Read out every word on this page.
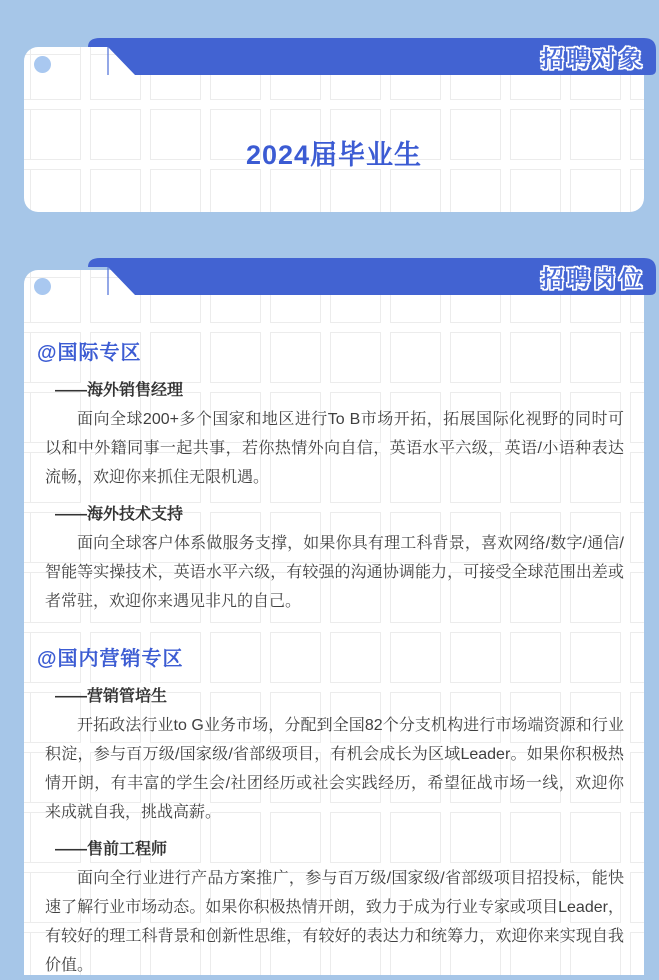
招聘对象
2024届毕业生
招聘岗位
@国际专区
——海外销售经理

面向全球200+多个国家和地区进行To B市场开拓，拓展国际化视野的同时可以和中外籍同事一起共事，若你热情外向自信，英语水平六级，英语/小语种表达流畅，欢迎你来抓住无限机遇。

——海外技术支持

面向全球客户体系做服务支撑，如果你具有理工科背景，喜欢网络/数字/通信/智能等实操技术，英语水平六级，有较强的沟通协调能力，可接受全球范围出差或者常驻，欢迎你来遇见非凡的自己。

@国内营销专区
——营销管培生

开拓政法行业to G业务市场，分配到全国82个分支机构进行市场端资源和行业积淀，参与百万级/国家级/省部级项目，有机会成长为区域Leader。如果你积极热情开朗，有丰富的学生会/社团经历或社会实践经历，希望征战市场一线，欢迎你来成就自我，挑战高薪。

——售前工程师

面向全行业进行产品方案推广，参与百万级/国家级/省部级项目招投标，能快速了解行业市场动态。如果你积极热情开朗，致力于成为行业专家或项目Leader，有较好的理工科背景和创新性思维，有较好的表达力和统筹力，欢迎你来实现自我价值。
